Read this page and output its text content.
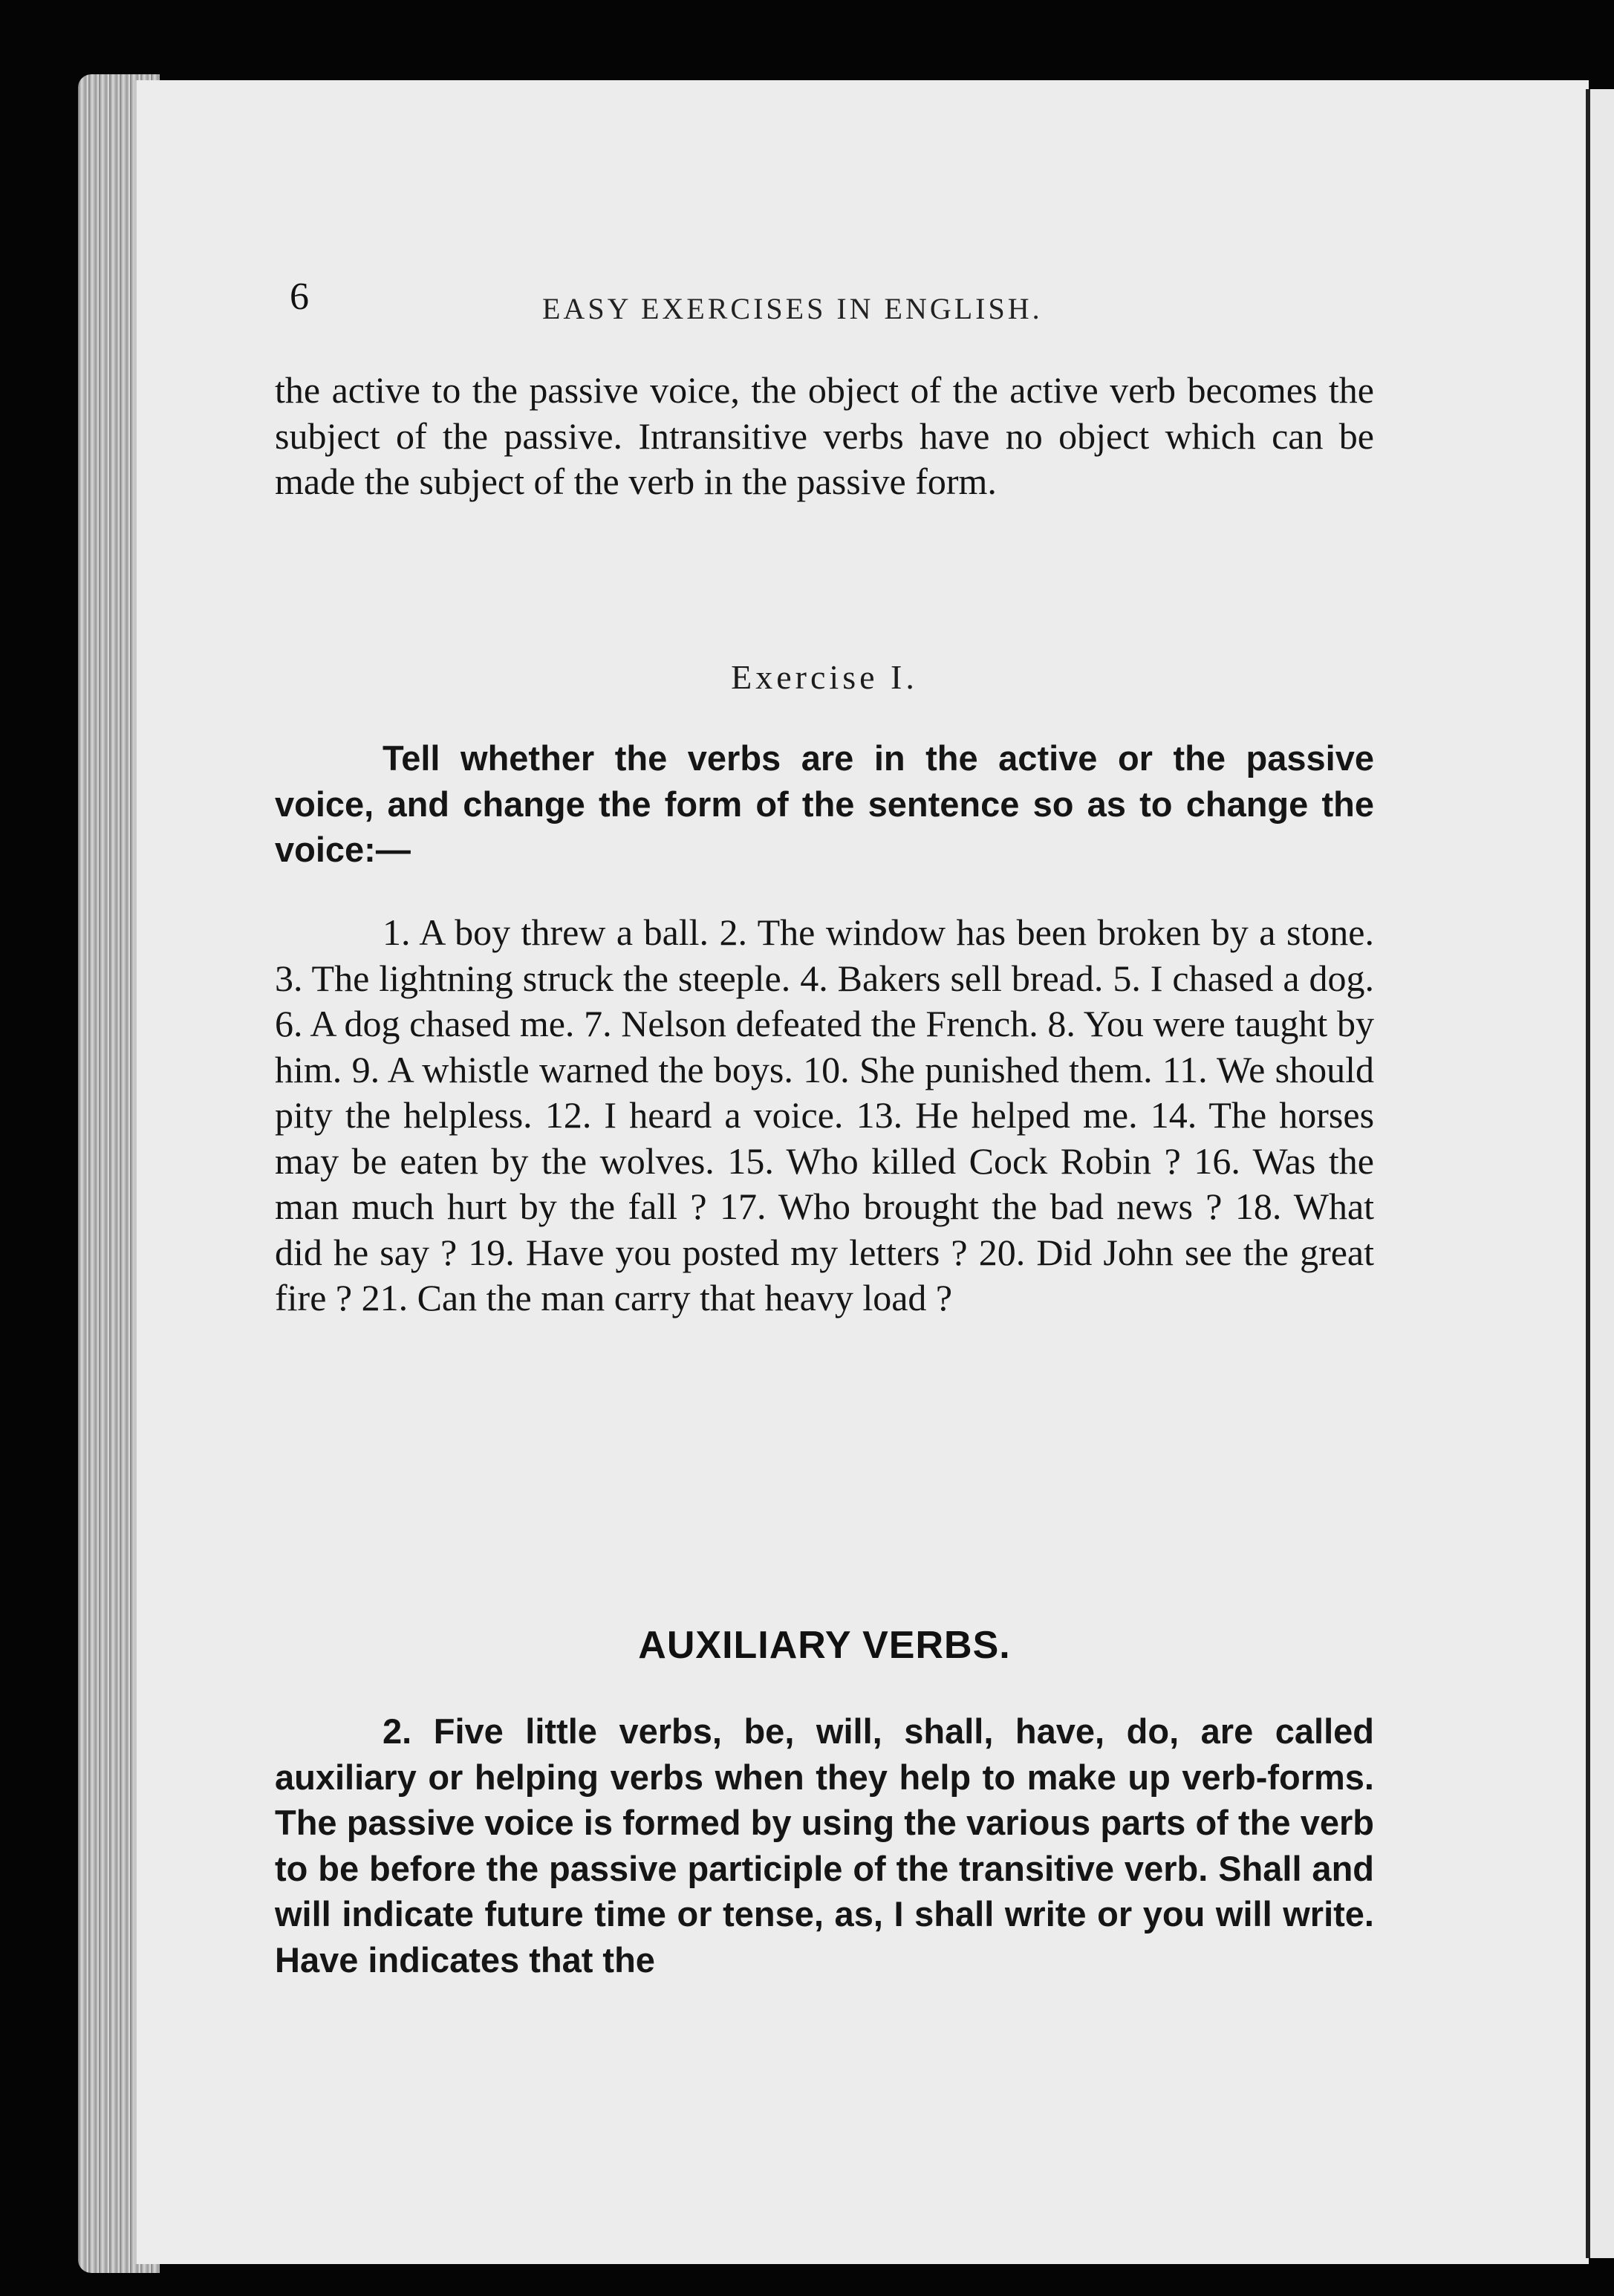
6	EASY EXERCISES IN ENGLISH.

the active to the passive voice, the object of the active verb becomes the subject of the passive. Intransitive verbs have no object which can be made the subject of the verb in the passive form.

Exercise I.

Tell whether the verbs are in the active or the passive voice, and change the form of the sentence so as to change the voice:—

1. A boy threw a ball. 2. The window has been broken by a stone. 3. The lightning struck the steeple. 4. Bakers sell bread. 5. I chased a dog. 6. A dog chased me. 7. Nelson defeated the French. 8. You were taught by him. 9. A whistle warned the boys. 10. She punished them. 11. We should pity the helpless. 12. I heard a voice. 13. He helped me. 14. The horses may be eaten by the wolves. 15. Who killed Cock Robin ? 16. Was the man much hurt by the fall ? 17. Who brought the bad news ? 18. What did he say ? 19. Have you posted my letters ? 20. Did John see the great fire ? 21. Can the man carry that heavy load ?

AUXILIARY VERBS.

2. Five little verbs, be, will, shall, have, do, are called auxiliary or helping verbs when they help to make up verb-forms. The passive voice is formed by using the various parts of the verb to be before the passive participle of the transitive verb. Shall and will indicate future time or tense, as, I shall write or you will write. Have indicates that the
